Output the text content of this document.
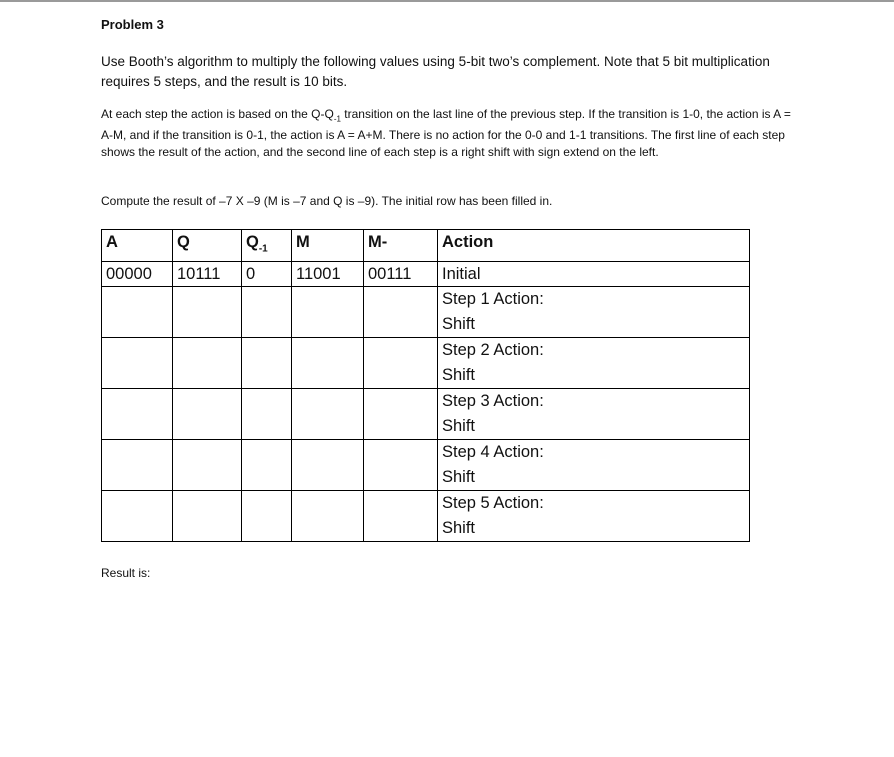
Problem 3
Use Booth’s algorithm to multiply the following values using 5-bit two’s complement. Note that 5 bit multiplication requires 5 steps, and the result is 10 bits.
At each step the action is based on the $Q-Q_{-1}$ transition on the last line of the previous step. If the transition is 1-0, the action is A = A-M, and if the transition is 0-1, the action is A = A+M. There is no action for the 0-0 and 1-1 transitions. The first line of each step shows the result of the action, and the second line of each step is a right shift with sign extend on the left.
Compute the result of –7 X –9 (M is –7 and Q is –9). The initial row has been filled in.
A	Q	$Q_{-1}$	M	M-	Action
00000	10111	0	11001	00111	Initial

					Step 1 Action:
Shift

					Step 2 Action:
Shift

					Step 3 Action:
Shift

					Step 4 Action:
Shift

					Step 5 Action:
Shift
Result is:
